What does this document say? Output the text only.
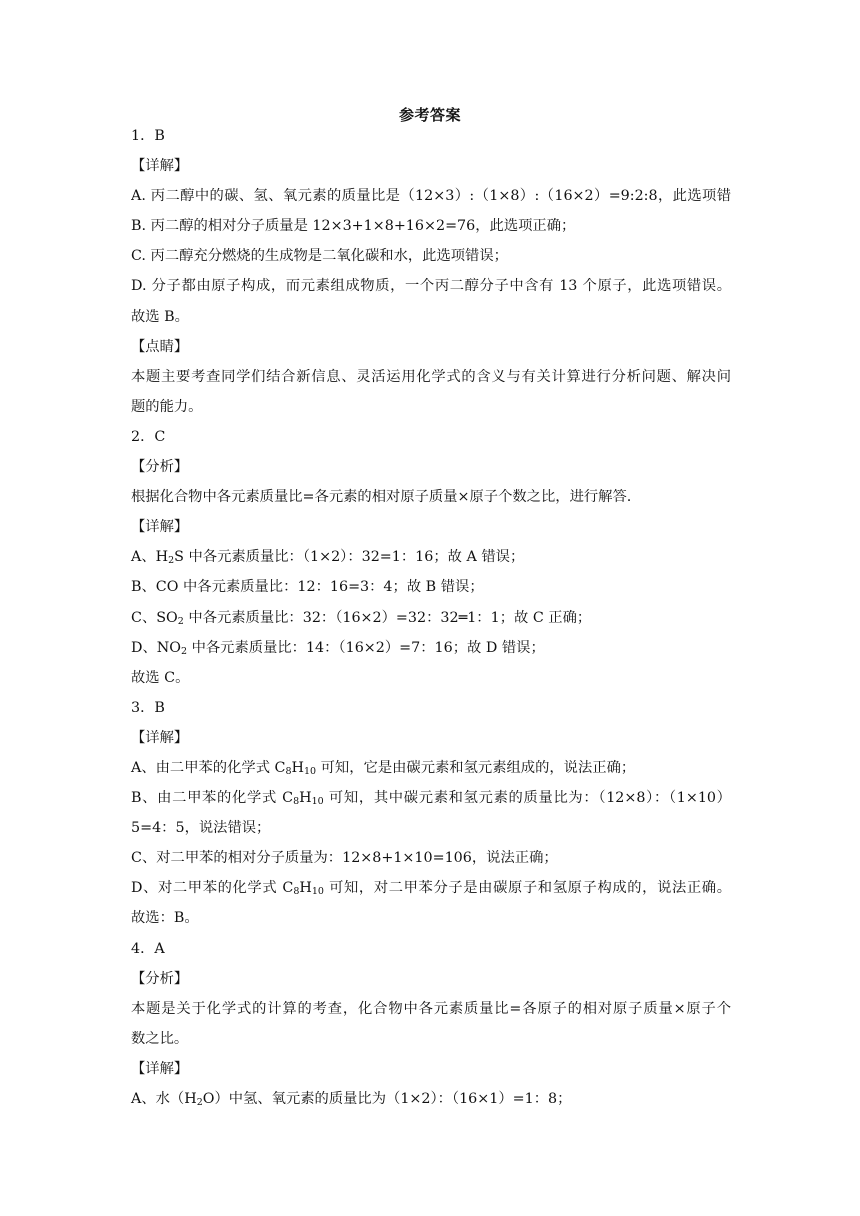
参考答案
1．B
【详解】
A. 丙二醇中的碳、氢、氧元素的质量比是（12×3）:（1×8）:（16×2）=9:2:8，此选项错
B. 丙二醇的相对分子质量是 12×3+1×8+16×2=76，此选项正确；
C. 丙二醇充分燃烧的生成物是二氧化碳和水，此选项错误；
D. 分子都由原子构成，而元素组成物质，一个丙二醇分子中含有 13 个原子，此选项错误。
故选 B。
【点睛】
本题主要考查同学们结合新信息、灵活运用化学式的含义与有关计算进行分析问题、解决问
题的能力。
2．C
【分析】
根据化合物中各元素质量比=各元素的相对原子质量×原子个数之比，进行解答.
【详解】
A、$H_2S$ 中各元素质量比：（1×2）：32=1：16；故 A 错误；
B、CO 中各元素质量比：12：16=3：4；故 B 错误；
C、$SO_2$ 中各元素质量比：32：（16×2）=32：32═1：1；故 C 正确；
D、$NO_2$ 中各元素质量比：14：（16×2）=7：16；故 D 错误；
故选 C。
3．B
【详解】
A、由二甲苯的化学式 $C_8H_{10}$ 可知，它是由碳元素和氢元素组成的，说法正确；
B、由二甲苯的化学式 $C_8H_{10}$ 可知，其中碳元素和氢元素的质量比为：（12×8）：（1×10）
5=4：5，说法错误；
C、对二甲苯的相对分子质量为：12×8+1×10=106，说法正确；
D、对二甲苯的化学式 $C_8H_{10}$ 可知，对二甲苯分子是由碳原子和氢原子构成的，说法正确。
故选：B。
4．A
【分析】
本题是关于化学式的计算的考查，化合物中各元素质量比=各原子的相对原子质量×原子个
数之比。
【详解】
A、水$(H_2O)$中氢、氧元素的质量比为（1×2）：（16×1）=1：8；
